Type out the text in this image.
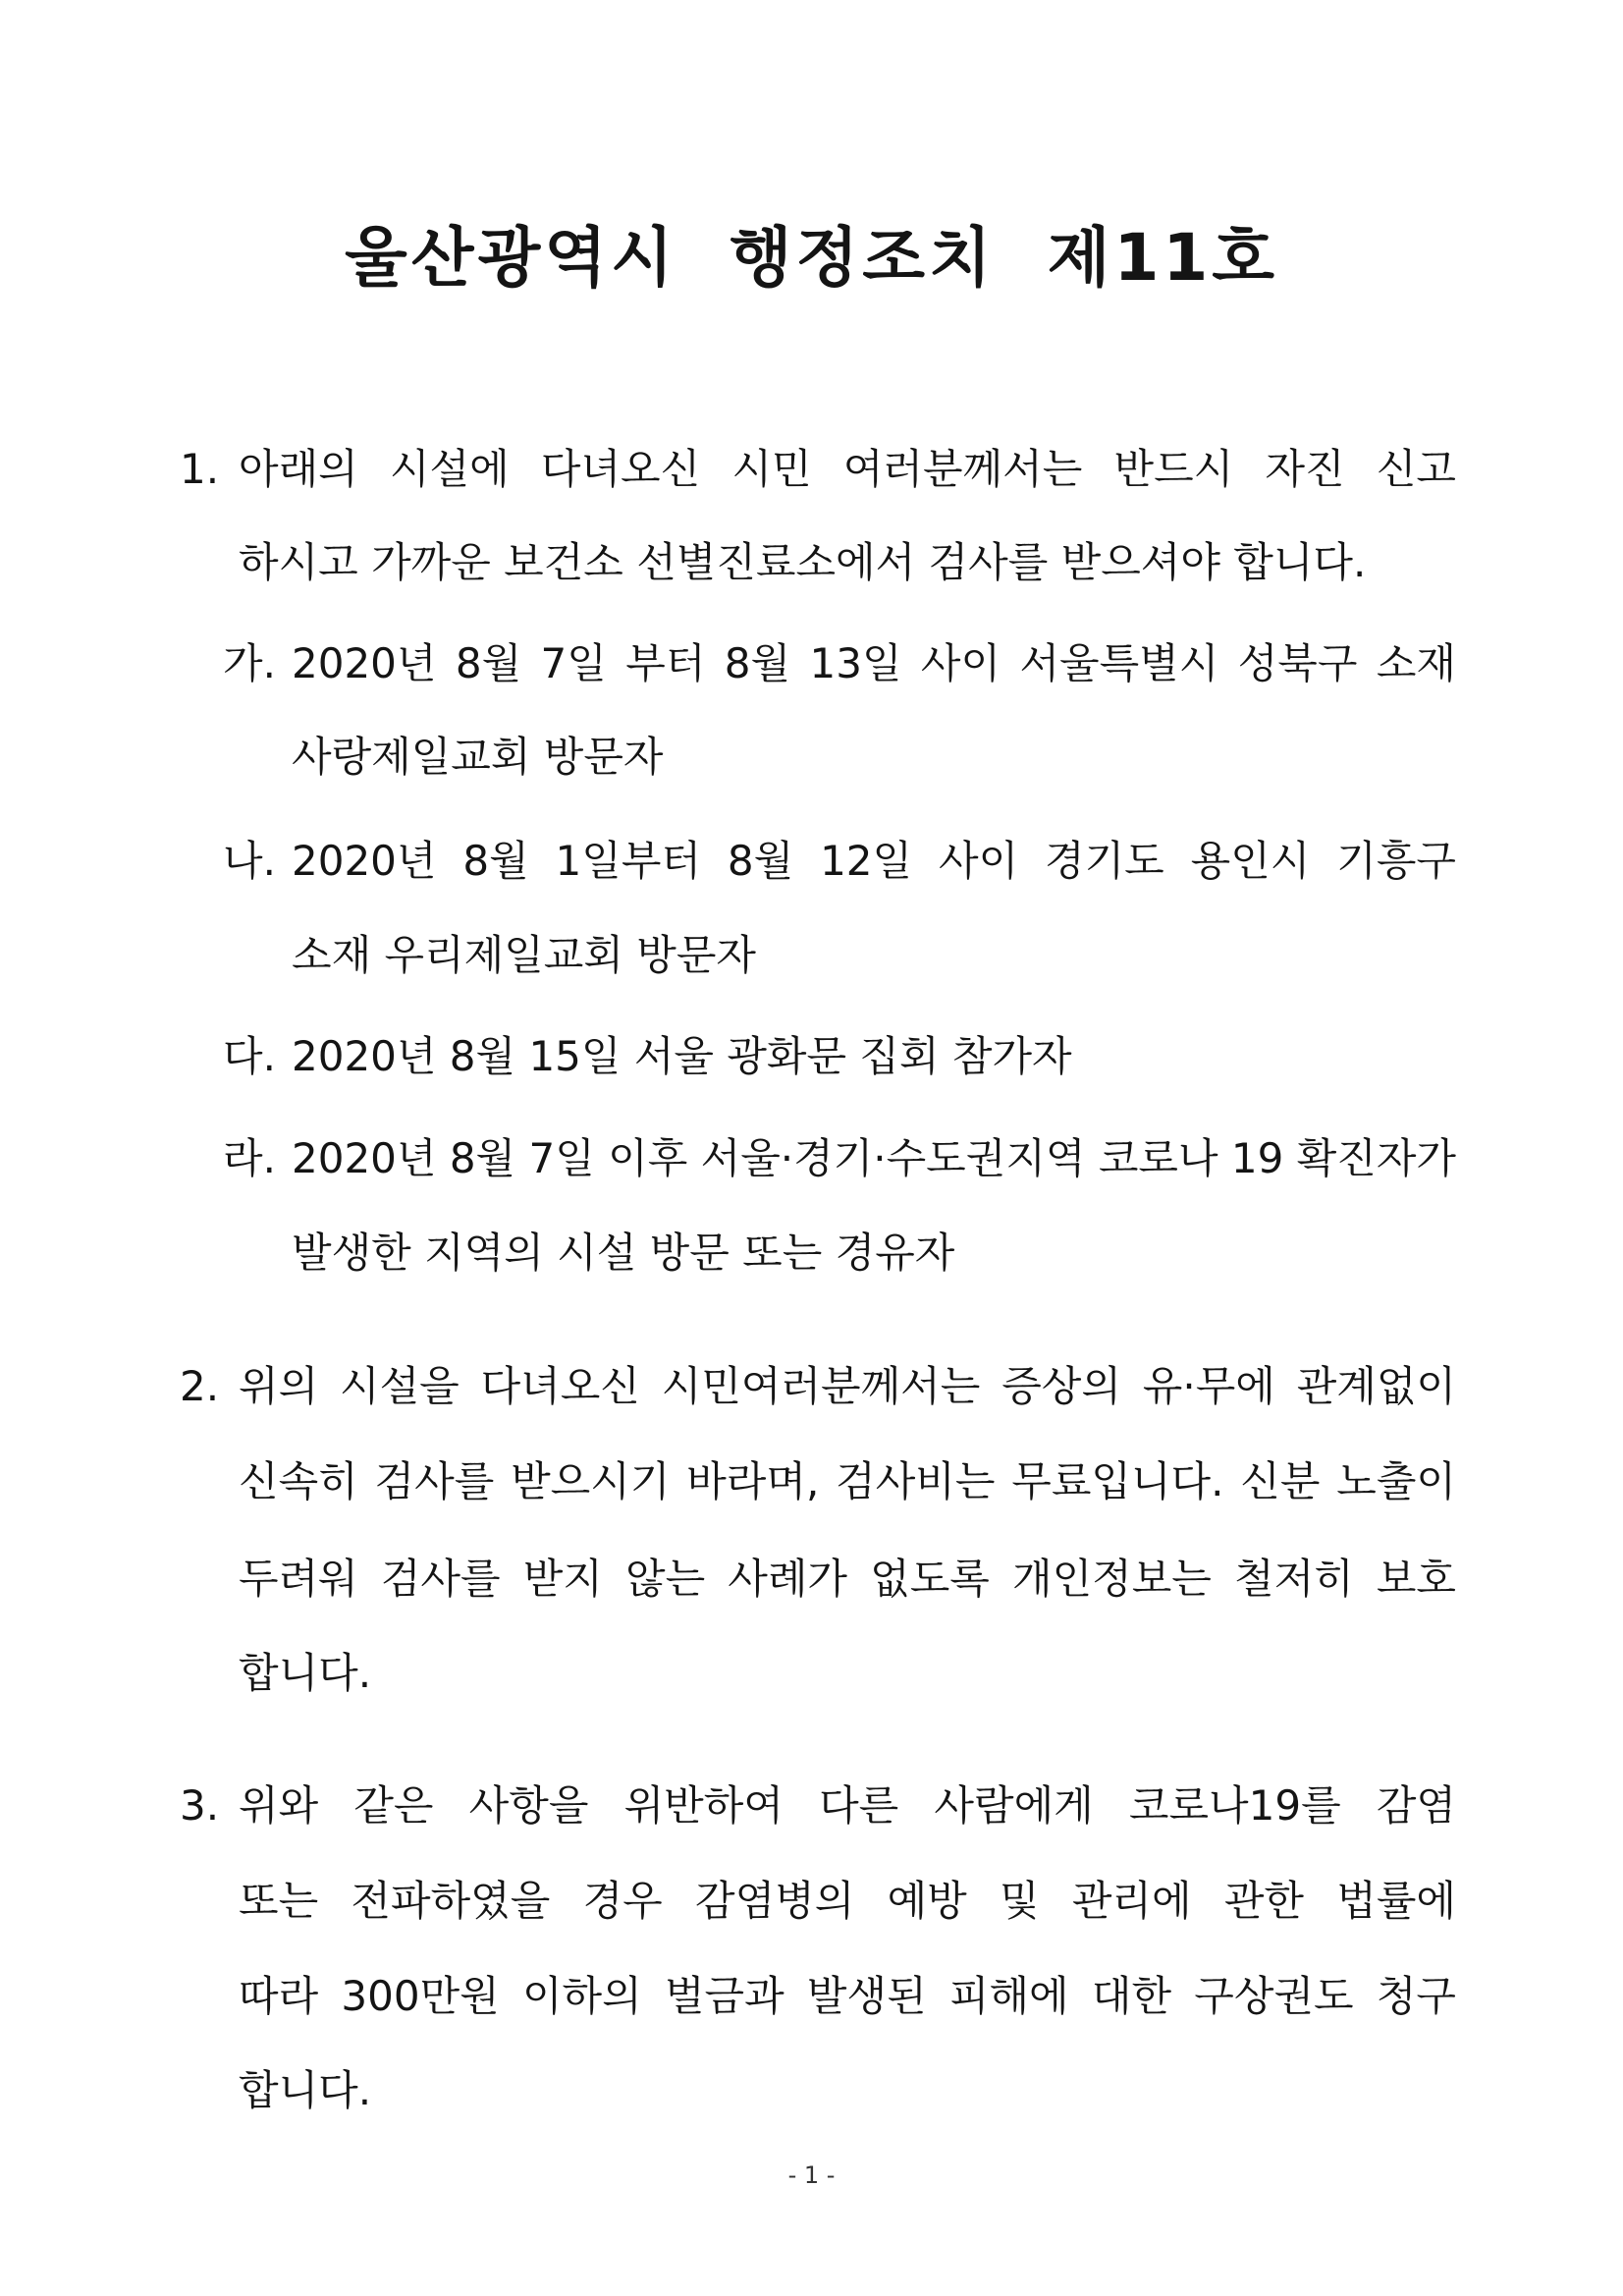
울산광역시 행정조치 제11호
1. 아래의 시설에 다녀오신 시민 여러분께서는 반드시 자진 신고
하시고 가까운 보건소 선별진료소에서 검사를 받으셔야 합니다.
가. 2020년 8월 7일 부터 8월 13일 사이 서울특별시 성북구 소재
사랑제일교회 방문자
나. 2020년 8월 1일부터 8월 12일 사이 경기도 용인시 기흥구
소재 우리제일교회 방문자
다. 2020년 8월 15일 서울 광화문 집회 참가자
라. 2020년 8월 7일 이후 서울·경기·수도권지역 코로나 19 확진자가
발생한 지역의 시설 방문 또는 경유자
2. 위의 시설을 다녀오신 시민여러분께서는 증상의 유·무에 관계없이
신속히 검사를 받으시기 바라며, 검사비는 무료입니다. 신분 노출이
두려워 검사를 받지 않는 사례가 없도록 개인정보는 철저히 보호
합니다.
3. 위와 같은 사항을 위반하여 다른 사람에게 코로나19를 감염
또는 전파하였을 경우 감염병의 예방 및 관리에 관한 법률에
따라 300만원 이하의 벌금과 발생된 피해에 대한 구상권도 청구
합니다.
- 1 -
